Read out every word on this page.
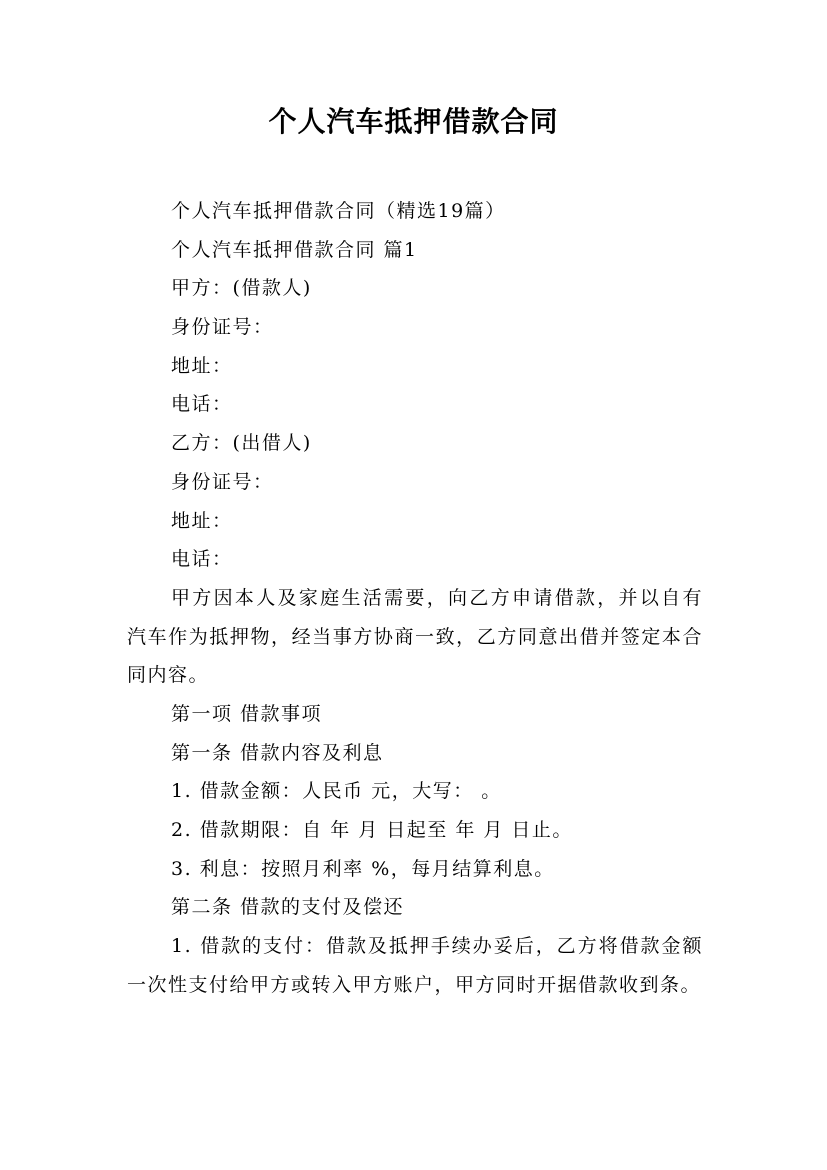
个人汽车抵押借款合同
个人汽车抵押借款合同（精选19篇）
个人汽车抵押借款合同 篇1
甲方：(借款人)
身份证号：
地址：
电话：
乙方：(出借人)
身份证号：
地址：
电话：

甲方因本人及家庭生活需要，向乙方申请借款，并以自有汽车作为抵押物，经当事方协商一致，乙方同意出借并签定本合同内容。

第一项 借款事项
第一条 借款内容及利息
1. 借款金额：人民币 元，大写： 。
2. 借款期限：自 年 月 日起至 年 月 日止。
3. 利息：按照月利率 %，每月结算利息。
第二条 借款的支付及偿还

1. 借款的支付：借款及抵押手续办妥后，乙方将借款金额一次性支付给甲方或转入甲方账户，甲方同时开据借款收到条。
